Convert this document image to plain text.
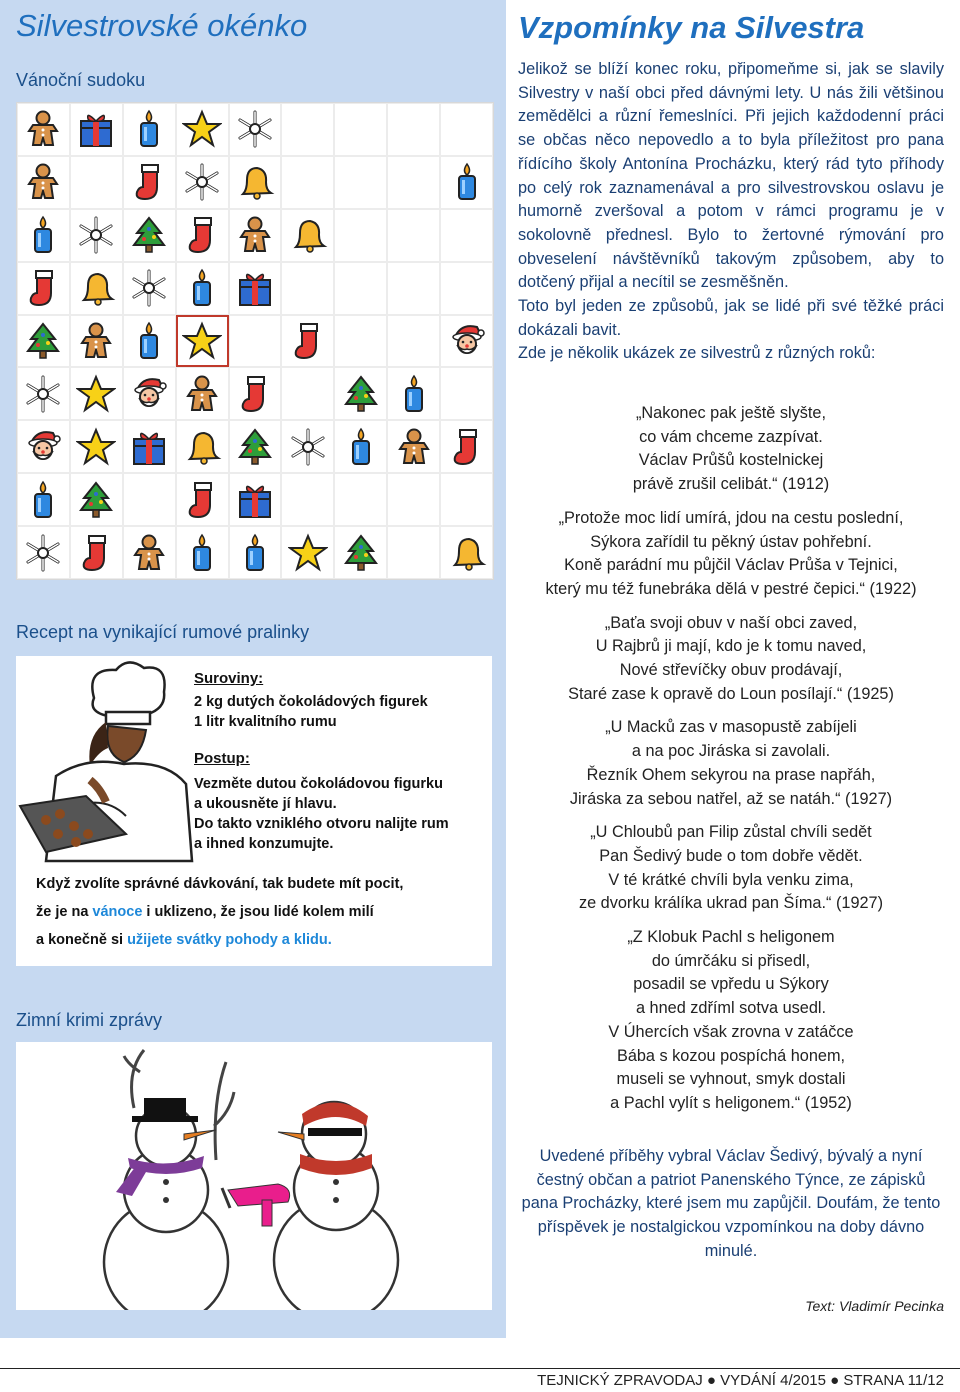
Silvestrovské okénko
Vánoční sudoku
Recept na vynikající rumové pralinky
Suroviny:
2 kg dutých čokoládových figurek
1 litr kvalitního rumu
Postup:
Vezměte dutou čokoládovou figurku
a ukousněte jí hlavu.
Do takto vzniklého otvoru nalijte rum
a ihned konzumujte.
Když zvolíte správné dávkování, tak budete mít pocit,
že je na vánoce i uklizeno, že jsou lidé kolem milí
a konečně si užijete svátky pohody a klidu.
Zimní krimi zprávy
Vzpomínky na Silvestra

Jelikož se blíží konec roku, připomeňme si, jak se slavily Silvestry v naší obci před dávnými lety. U nás žili většinou zemědělci a různí řemeslníci. Při jejich každodenní práci se občas něco nepovedlo a to byla příležitost pro pana řídícího školy Antonína Procházku, který rád tyto příhody po celý rok zaznamenával a pro silvestrovskou oslavu je humorně zveršoval a potom v rámci programu je v sokolovně přednesl. Bylo to žertovné rýmování pro obveselení návštěvníků takovým způsobem, aby to dotčený přijal a necítil se zesměšněn.

Toto byl jeden ze způsobů, jak se lidé při své těžké práci dokázali bavit.

Zde je několik ukázek ze silvestrů z různých roků:

„Nakonec pak ještě slyšte,
co vám chceme zazpívat.
Václav Průšů kostelnickej
právě zrušil celibát.“ (1912)
„Protože moc lidí umírá, jdou na cestu poslední,
Sýkora zařídil tu pěkný ústav pohřební.
Koně parádní mu půjčil Václav Průša v Tejnici,
který mu též funebráka dělá v pestré čepici.“ (1922)
„Baťa svoji obuv v naší obci zaved,
U Rajbrů ji mají, kdo je k tomu naved,
Nové střevíčky obuv prodávají,
Staré zase k opravě do Loun posílají.“ (1925)
„U Macků zas v masopustě zabíjeli
a na poc Jiráska si zavolali.
Řezník Ohem sekyrou na prase napřáh,
Jiráska za sebou natřel, až se natáh.“ (1927)
„U Chloubů pan Filip zůstal chvíli sedět
Pan Šedivý bude o tom dobře vědět.
V té krátké chvíli byla venku zima,
ze dvorku králíka ukrad pan Šíma.“ (1927)
„Z Klobuk Pachl s heligonem
do úmrčáku si přisedl,
posadil se vpředu u Sýkory
a hned zdříml sotva usedl.
V Úhercích však zrovna v zatáčce
Bába s kozou pospíchá honem,
museli se vyhnout, smyk dostali
a Pachl vylít s heligonem.“ (1952)
Uvedené příběhy vybral Václav Šedivý, bývalý a nyní čestný občan a patriot Panenského Týnce, ze zápisků pana Procházky, které jsem mu zapůjčil. Doufám, že tento příspěvek je nostalgickou vzpomínkou na doby dávno minulé.
Text: Vladimír Pecinka
TEJNICKÝ ZPRAVODAJ ● VYDÁNÍ 4/2015 ● STRANA 11/12
